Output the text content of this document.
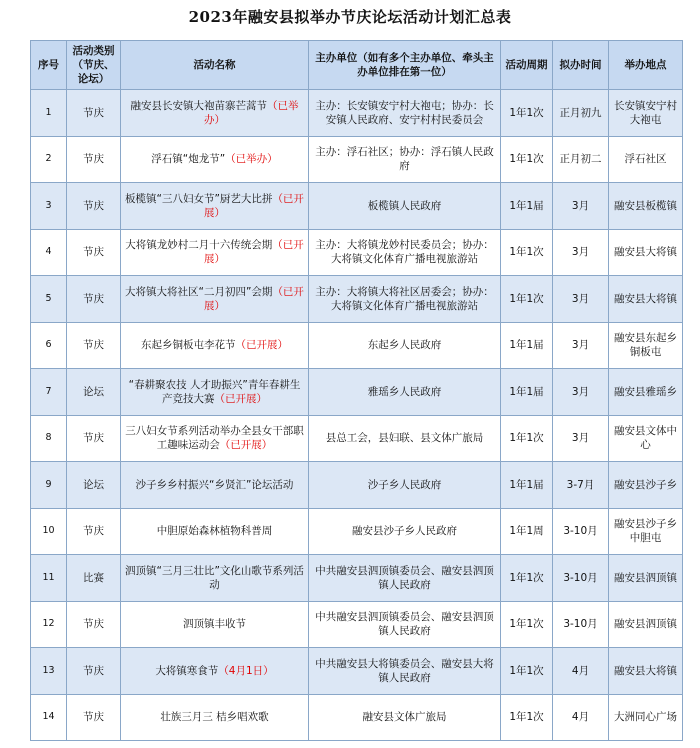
2023年融安县拟举办节庆论坛活动计划汇总表
序号	活动类别（节庆、论坛）	活动名称	主办单位（如有多个主办单位、牵头主办单位排在第一位）	活动周期	拟办时间	举办地点
1	节庆	融安县长安镇大袍苗寨芒蒿节（已举办）	主办：长安镇安宁村大袍屯；协办：长安镇人民政府、安宁村村民委员会	1年1次	正月初九	长安镇安宁村大袍屯
2	节庆	浮石镇“炮龙节”（已举办）	主办：浮石社区；协办：浮石镇人民政府	1年1次	正月初二	浮石社区
3	节庆	板榄镇“三八妇女节”厨艺大比拼（已开展）	板榄镇人民政府	1年1届	3月	融安县板榄镇
4	节庆	大将镇龙妙村二月十六传统会期（已开展）	主办：大将镇龙妙村民委员会；协办：大将镇文化体育广播电视旅游站	1年1次	3月	融安县大将镇
5	节庆	大将镇大将社区“二月初四”会期（已开展）	主办：大将镇大将社区居委会；协办：大将镇文化体育广播电视旅游站	1年1次	3月	融安县大将镇
6	节庆	东起乡铜板屯李花节（已开展）	东起乡人民政府	1年1届	3月	融安县东起乡铜板屯
7	论坛	“春耕聚农技 人才助振兴”青年春耕生产竞技大赛（已开展）	雅瑶乡人民政府	1年1届	3月	融安县雅瑶乡
8	节庆	三八妇女节系列活动举办全县女干部职工趣味运动会（已开展）	县总工会，县妇联、县文体广旅局	1年1次	3月	融安县文体中心
9	论坛	沙子乡乡村振兴“乡贤汇”论坛活动	沙子乡人民政府	1年1届	3-7月	融安县沙子乡
10	节庆	中胆原始森林植物科普周	融安县沙子乡人民政府	1年1周	3-10月	融安县沙子乡中胆屯
11	比赛	泗顶镇“三月三壮比”文化山歌节系列活动	中共融安县泗顶镇委员会、融安县泗顶镇人民政府	1年1次	3-10月	融安县泗顶镇
12	节庆	泗顶镇丰收节	中共融安县泗顶镇委员会、融安县泗顶镇人民政府	1年1次	3-10月	融安县泗顶镇
13	节庆	大将镇寒食节（4月1日）	中共融安县大将镇委员会、融安县大将镇人民政府	1年1次	4月	融安县大将镇
14	节庆	壮族三月三 桔乡唱欢歌	融安县文体广旅局	1年1次	4月	大洲同心广场
